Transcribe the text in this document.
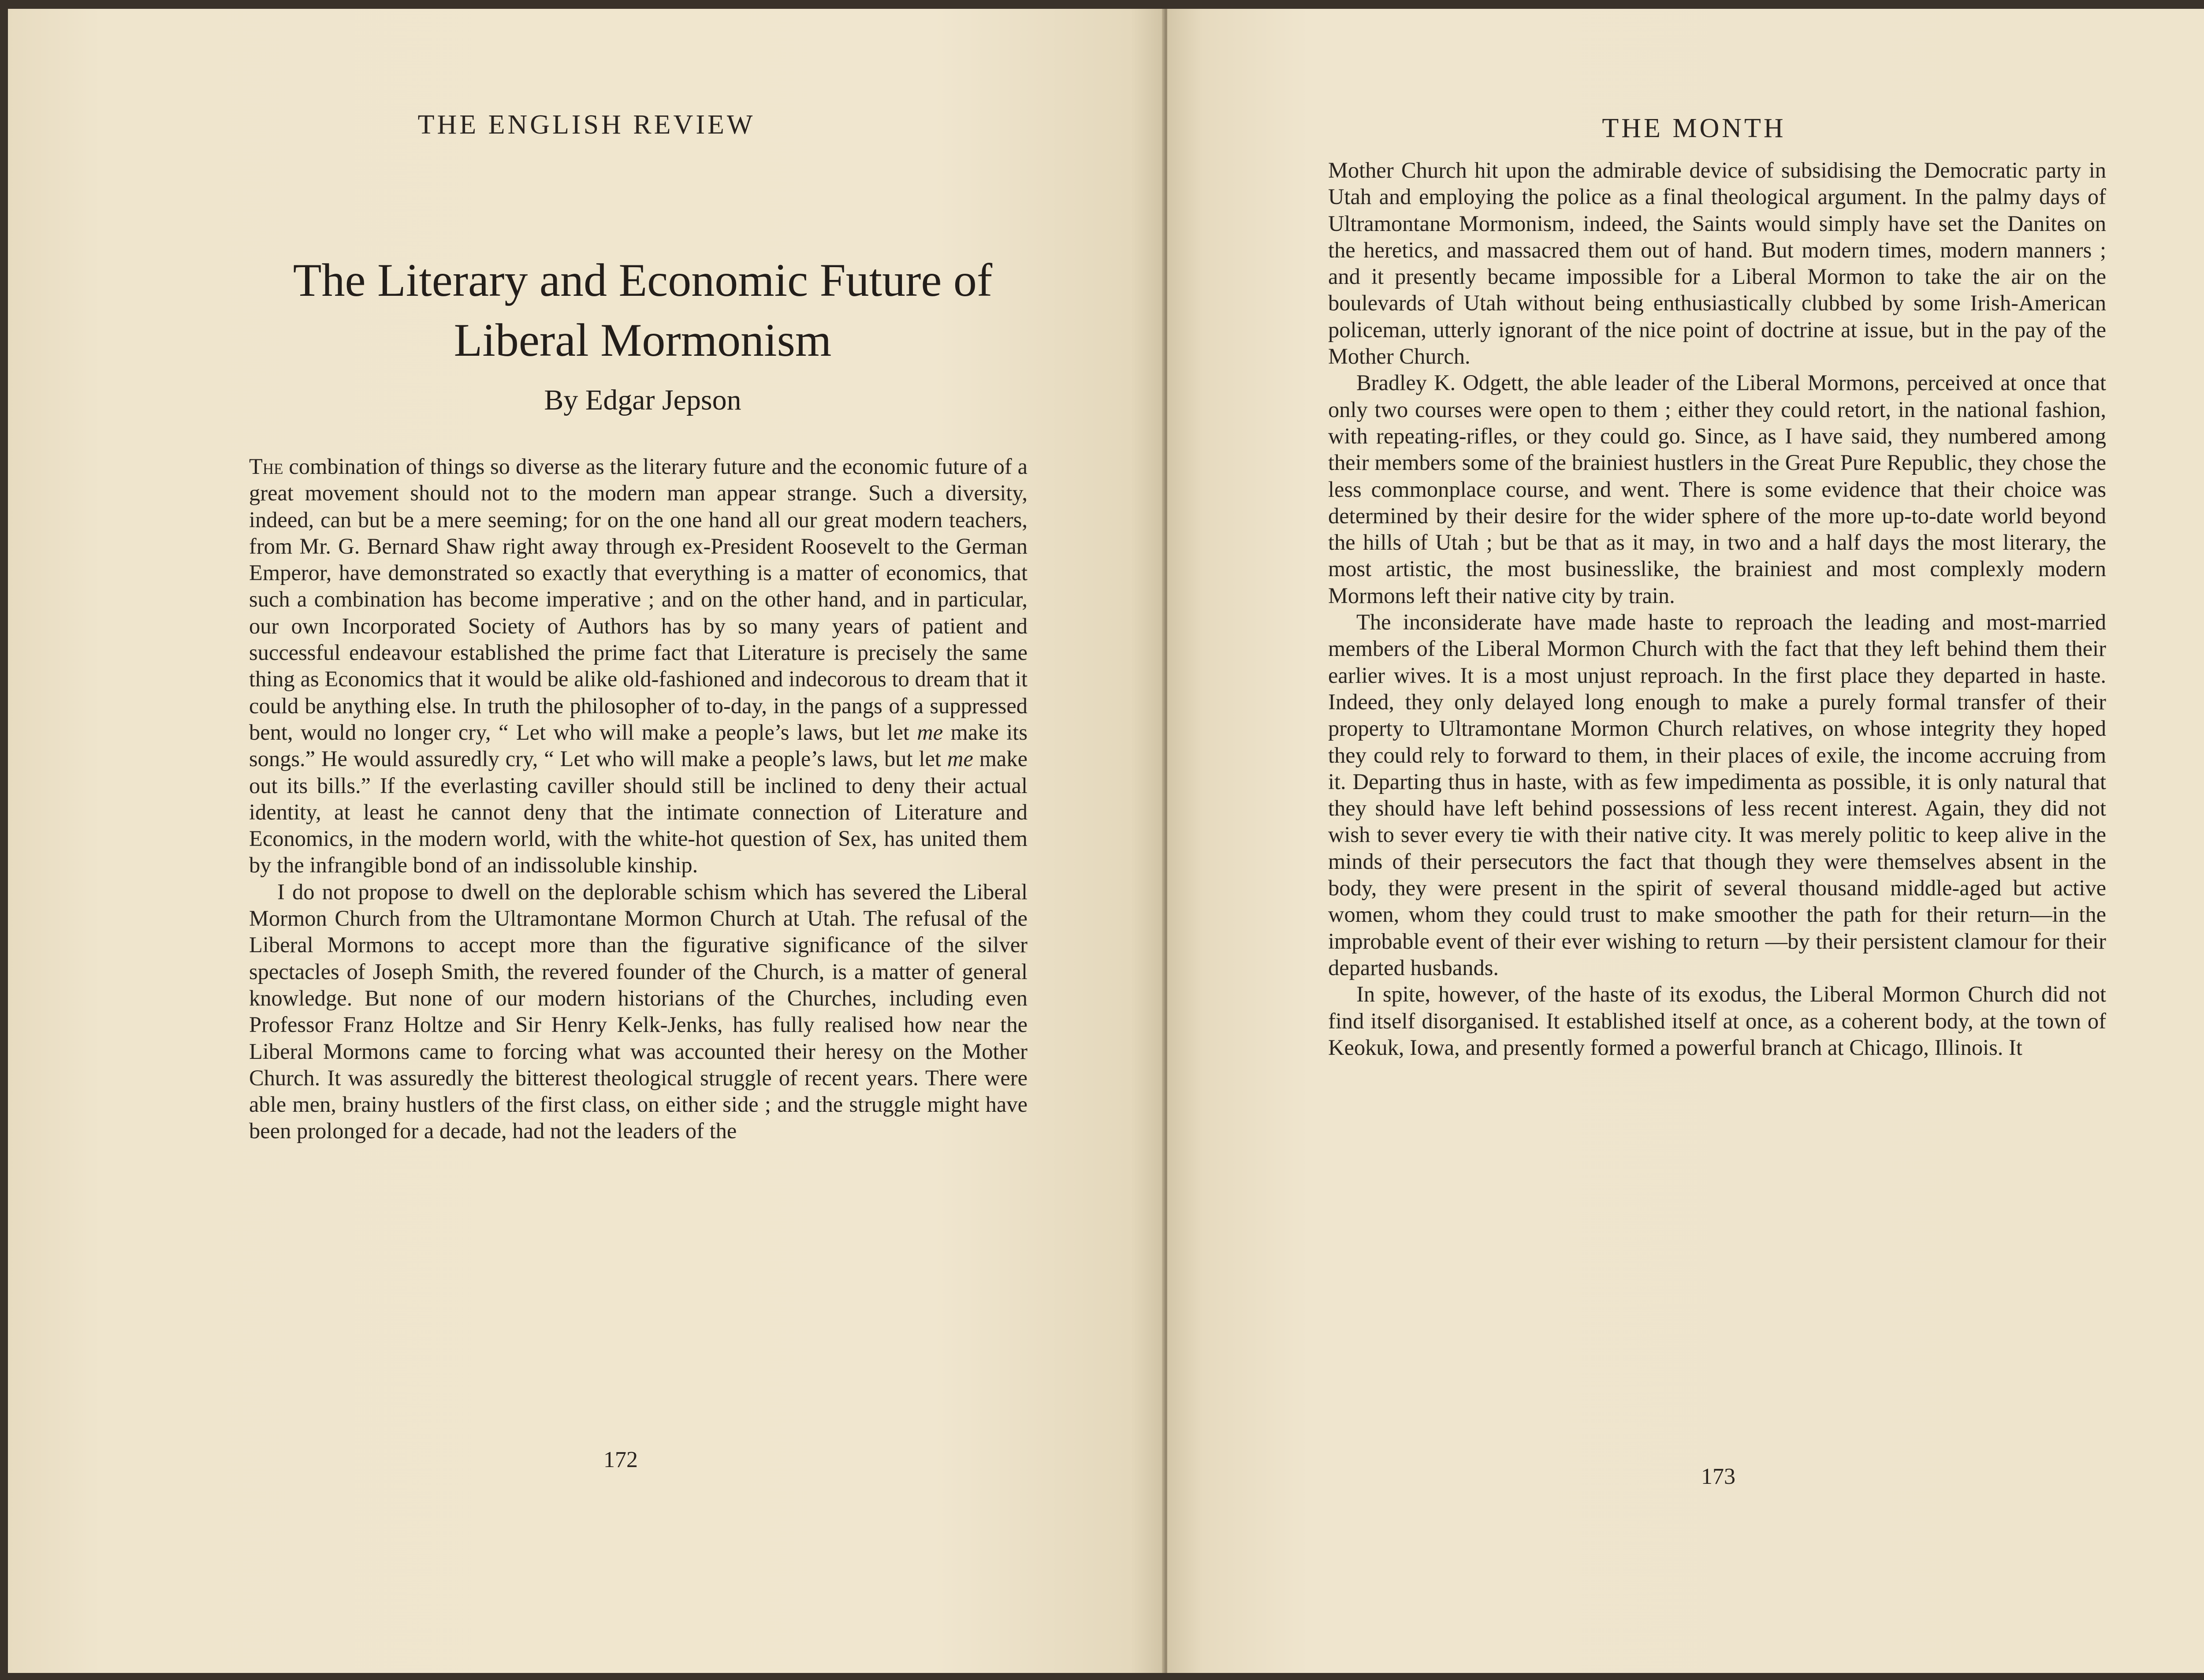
THE ENGLISH REVIEW
The Literary and Economic Future of
Liberal Mormonism
By Edgar Jepson

The combination of things so diverse as the literary future and the economic future of a great movement should not to the modern man appear strange. Such a diversity, indeed, can but be a mere seeming; for on the one hand all our great modern teachers, from Mr. G. Bernard Shaw right away through ex-President Roosevelt to the German Emperor, have demonstrated so exactly that everything is a matter of economics, that such a combination has become imperative ; and on the other hand, and in particular, our own Incorporated Society of Authors has by so many years of patient and successful endeavour established the prime fact that Literature is precisely the same thing as Economics that it would be alike old-fashioned and indecorous to dream that it could be anything else. In truth the philosopher of to-day, in the pangs of a suppressed bent, would no longer cry, “ Let who will make a people’s laws, but let me make its songs.” He would assuredly cry, “ Let who will make a people’s laws, but let me make out its bills.” If the everlasting caviller should still be inclined to deny their actual identity, at least he cannot deny that the intimate connection of Literature and Economics, in the modern world, with the white-hot question of Sex, has united them by the infrangible bond of an indissoluble kinship.

I do not propose to dwell on the deplorable schism which has severed the Liberal Mormon Church from the Ultramontane Mormon Church at Utah. The refusal of the Liberal Mormons to accept more than the figurative significance of the silver spectacles of Joseph Smith, the revered founder of the Church, is a matter of general knowledge. But none of our modern historians of the Churches, including even Professor Franz Holtze and Sir Henry Kelk-Jenks, has fully realised how near the Liberal Mormons came to forcing what was accounted their heresy on the Mother Church. It was assuredly the bitterest theological struggle of recent years. There were able men, brainy hustlers of the first class, on either side ; and the struggle might have been prolonged for a decade, had not the leaders of the

172
THE MONTH

Mother Church hit upon the admirable device of subsidising the Democratic party in Utah and employing the police as a final theological argument. In the palmy days of Ultramontane Mormonism, indeed, the Saints would simply have set the Danites on the heretics, and massacred them out of hand. But modern times, modern manners ; and it presently became impossible for a Liberal Mormon to take the air on the boulevards of Utah without being enthusiastically clubbed by some Irish-American policeman, utterly ignorant of the nice point of doctrine at issue, but in the pay of the Mother Church.

Bradley K. Odgett, the able leader of the Liberal Mormons, perceived at once that only two courses were open to them ; either they could retort, in the national fashion, with repeating-rifles, or they could go. Since, as I have said, they numbered among their members some of the brainiest hustlers in the Great Pure Republic, they chose the less commonplace course, and went. There is some evidence that their choice was determined by their desire for the wider sphere of the more up-to-date world beyond the hills of Utah ; but be that as it may, in two and a half days the most literary, the most artistic, the most businesslike, the brainiest and most complexly modern Mormons left their native city by train.

The inconsiderate have made haste to reproach the leading and most-married members of the Liberal Mormon Church with the fact that they left behind them their earlier wives. It is a most unjust reproach. In the first place they departed in haste. Indeed, they only delayed long enough to make a purely formal transfer of their property to Ultramontane Mormon Church relatives, on whose integrity they hoped they could rely to forward to them, in their places of exile, the income accruing from it. Departing thus in haste, with as few impedimenta as possible, it is only natural that they should have left behind possessions of less recent interest. Again, they did not wish to sever every tie with their native city. It was merely politic to keep alive in the minds of their persecutors the fact that though they were themselves absent in the body, they were present in the spirit of several thousand middle-aged but active women, whom they could trust to make smoother the path for their return—in the improbable event of their ever wishing to return —by their persistent clamour for their departed husbands.

In spite, however, of the haste of its exodus, the Liberal Mormon Church did not find itself disorganised. It established itself at once, as a coherent body, at the town of Keokuk, Iowa, and presently formed a powerful branch at Chicago, Illinois. It

173
